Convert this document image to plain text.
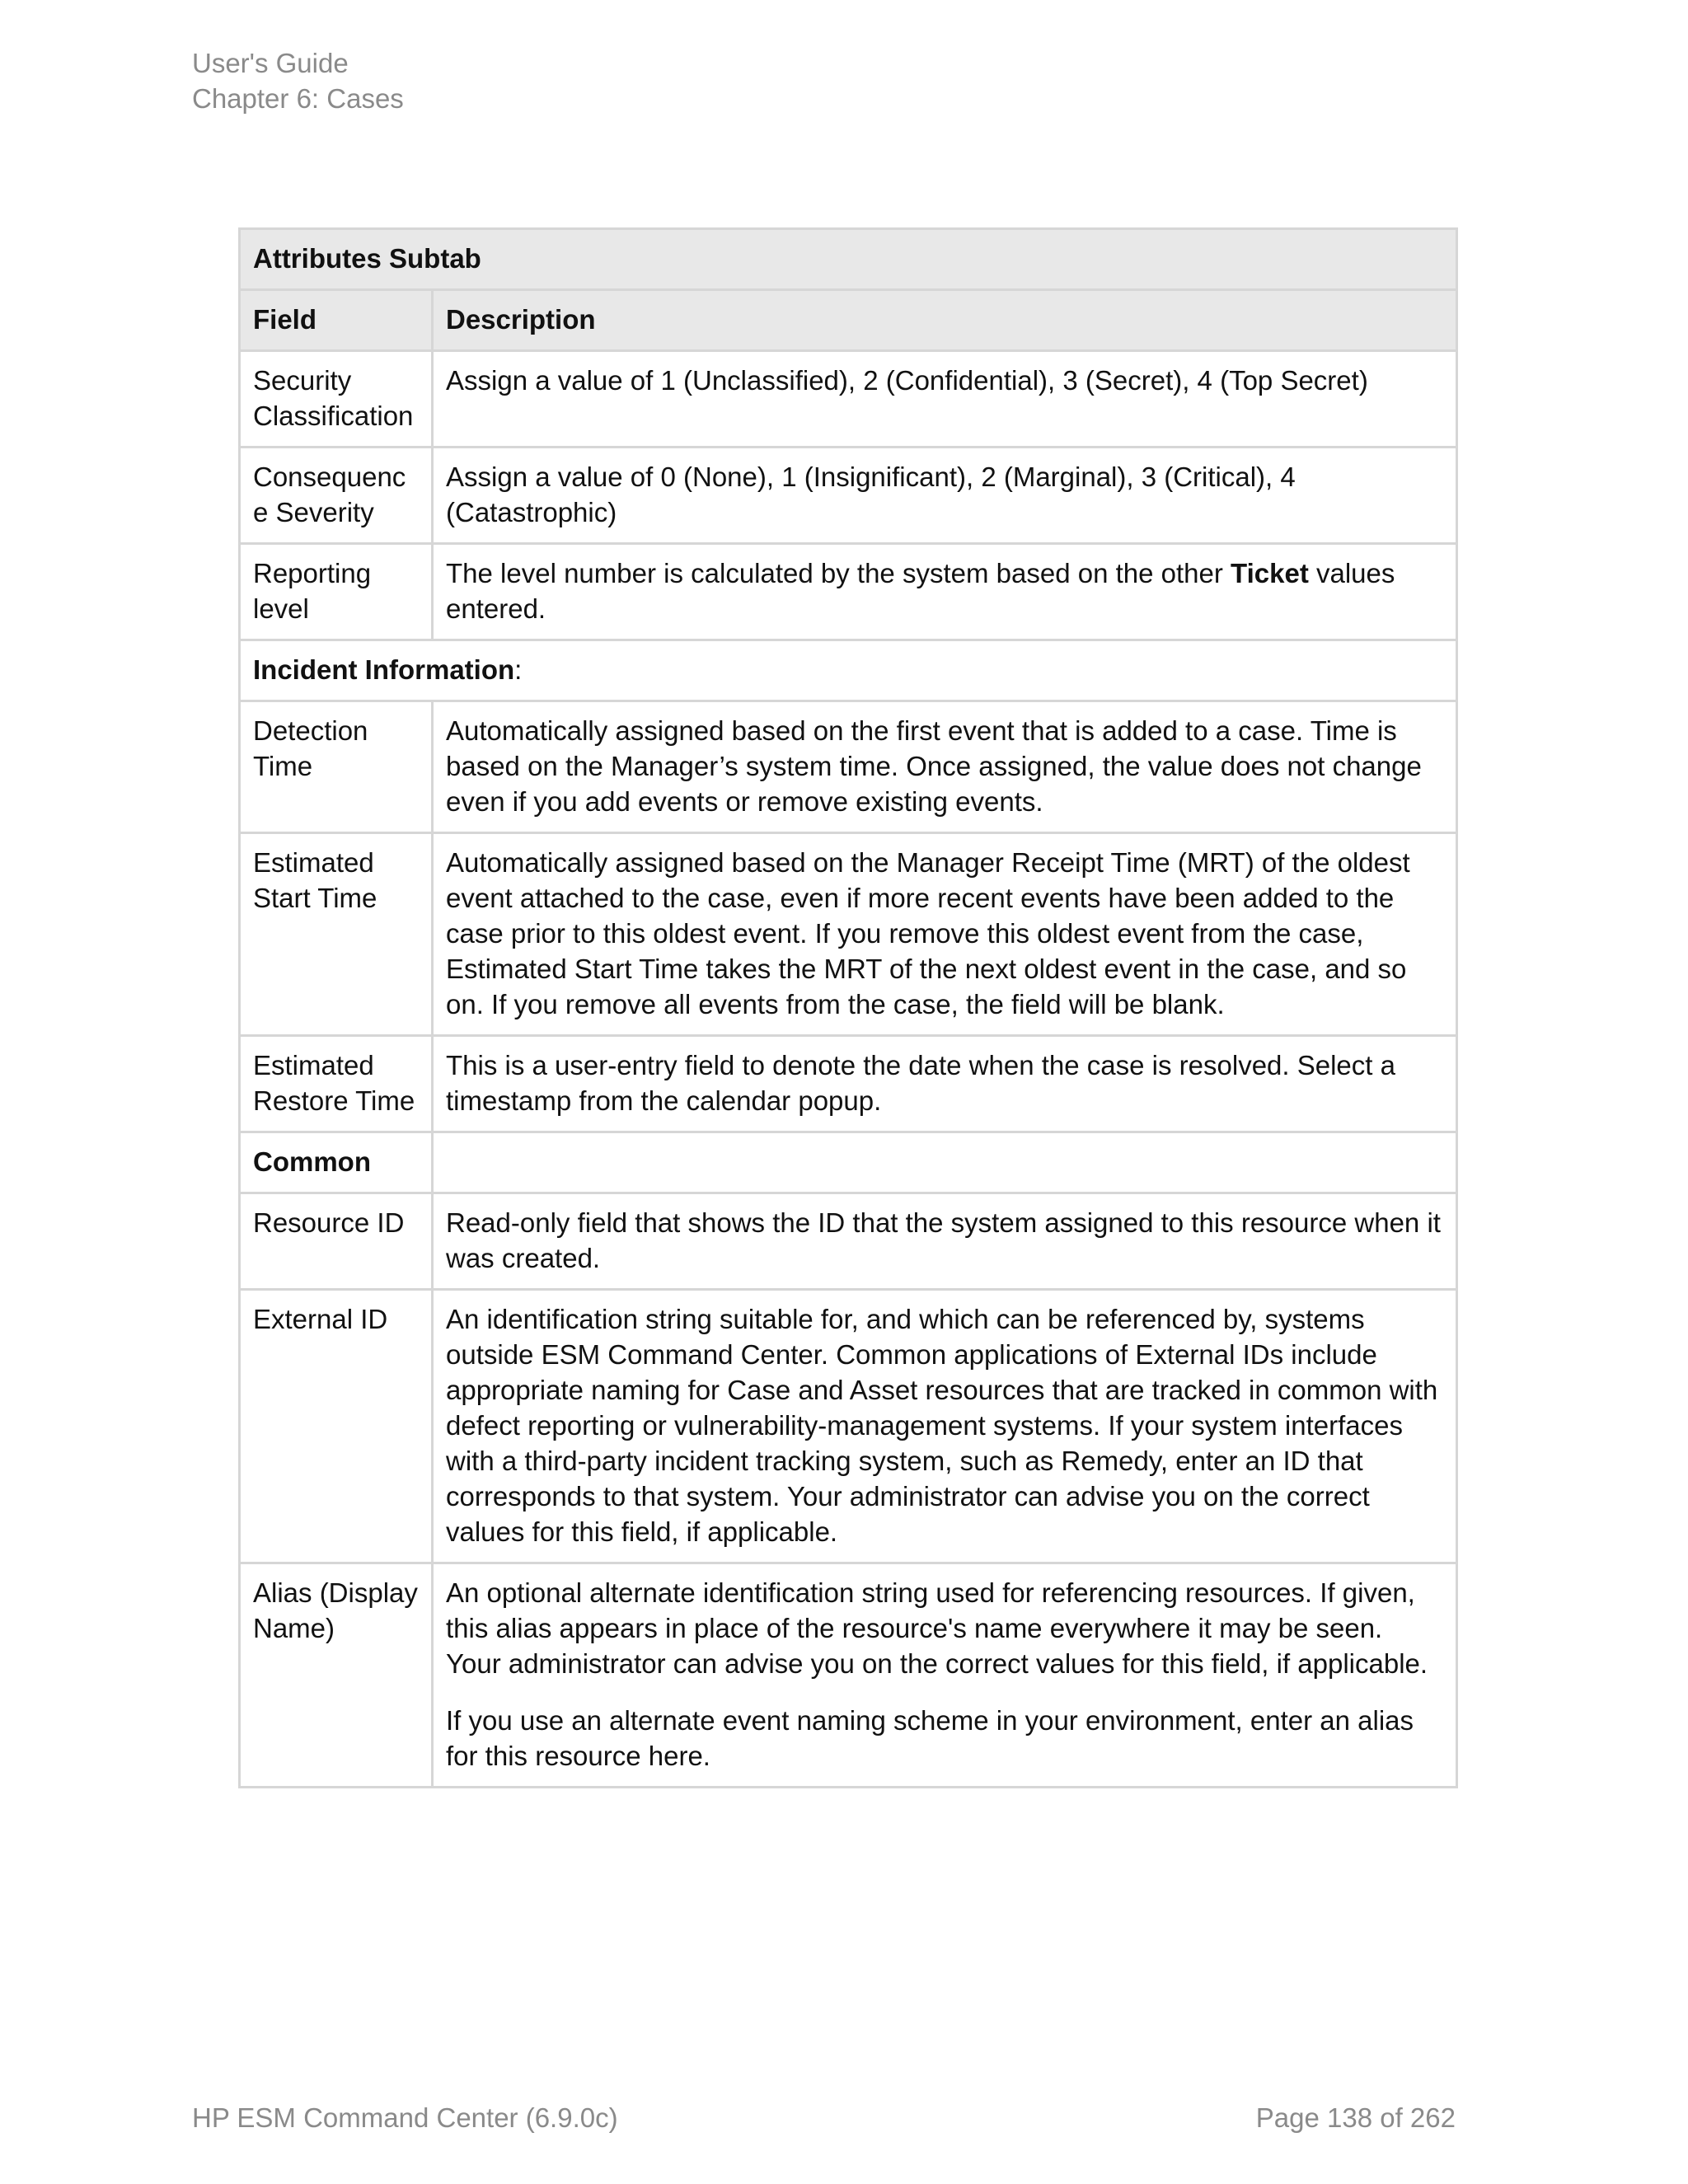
User's Guide
Chapter 6: Cases
Attributes Subtab	
Field	Description
Security Classification	Assign a value of 1 (Unclassified), 2 (Confidential), 3 (Secret), 4 (Top Secret)
Consequence Severity	Assign a value of 0 (None), 1 (Insignificant), 2 (Marginal), 3 (Critical), 4 (Catastrophic)
Reporting level	The level number is calculated by the system based on the other Ticket values entered.
Incident Information:	
Detection Time	Automatically assigned based on the first event that is added to a case. Time is based on the Manager’s system time. Once assigned, the value does not change even if you add events or remove existing events.
Estimated Start Time	Automatically assigned based on the Manager Receipt Time (MRT) of the oldest event attached to the case, even if more recent events have been added to the case prior to this oldest event. If you remove this oldest event from the case, Estimated Start Time takes the MRT of the next oldest event in the case, and so on. If you remove all events from the case, the field will be blank.
Estimated Restore Time	This is a user-entry field to denote the date when the case is resolved. Select a timestamp from the calendar popup.
Common	
Resource ID	Read-only field that shows the ID that the system assigned to this resource when it was created.
External ID	An identification string suitable for, and which can be referenced by, systems outside ESM Command Center. Common applications of External IDs include appropriate naming for Case and Asset resources that are tracked in common with defect reporting or vulnerability-management systems. If your system interfaces with a third-party incident tracking system, such as Remedy, enter an ID that corresponds to that system. Your administrator can advise you on the correct values for this field, if applicable.
Alias (Display Name)	An optional alternate identification string used for referencing resources. If given, this alias appears in place of the resource's name everywhere it may be seen. Your administrator can advise you on the correct values for this field, if applicable.
If you use an alternate event naming scheme in your environment, enter an alias for this resource here.
HP ESM Command Center (6.9.0c)	Page 138 of 262
